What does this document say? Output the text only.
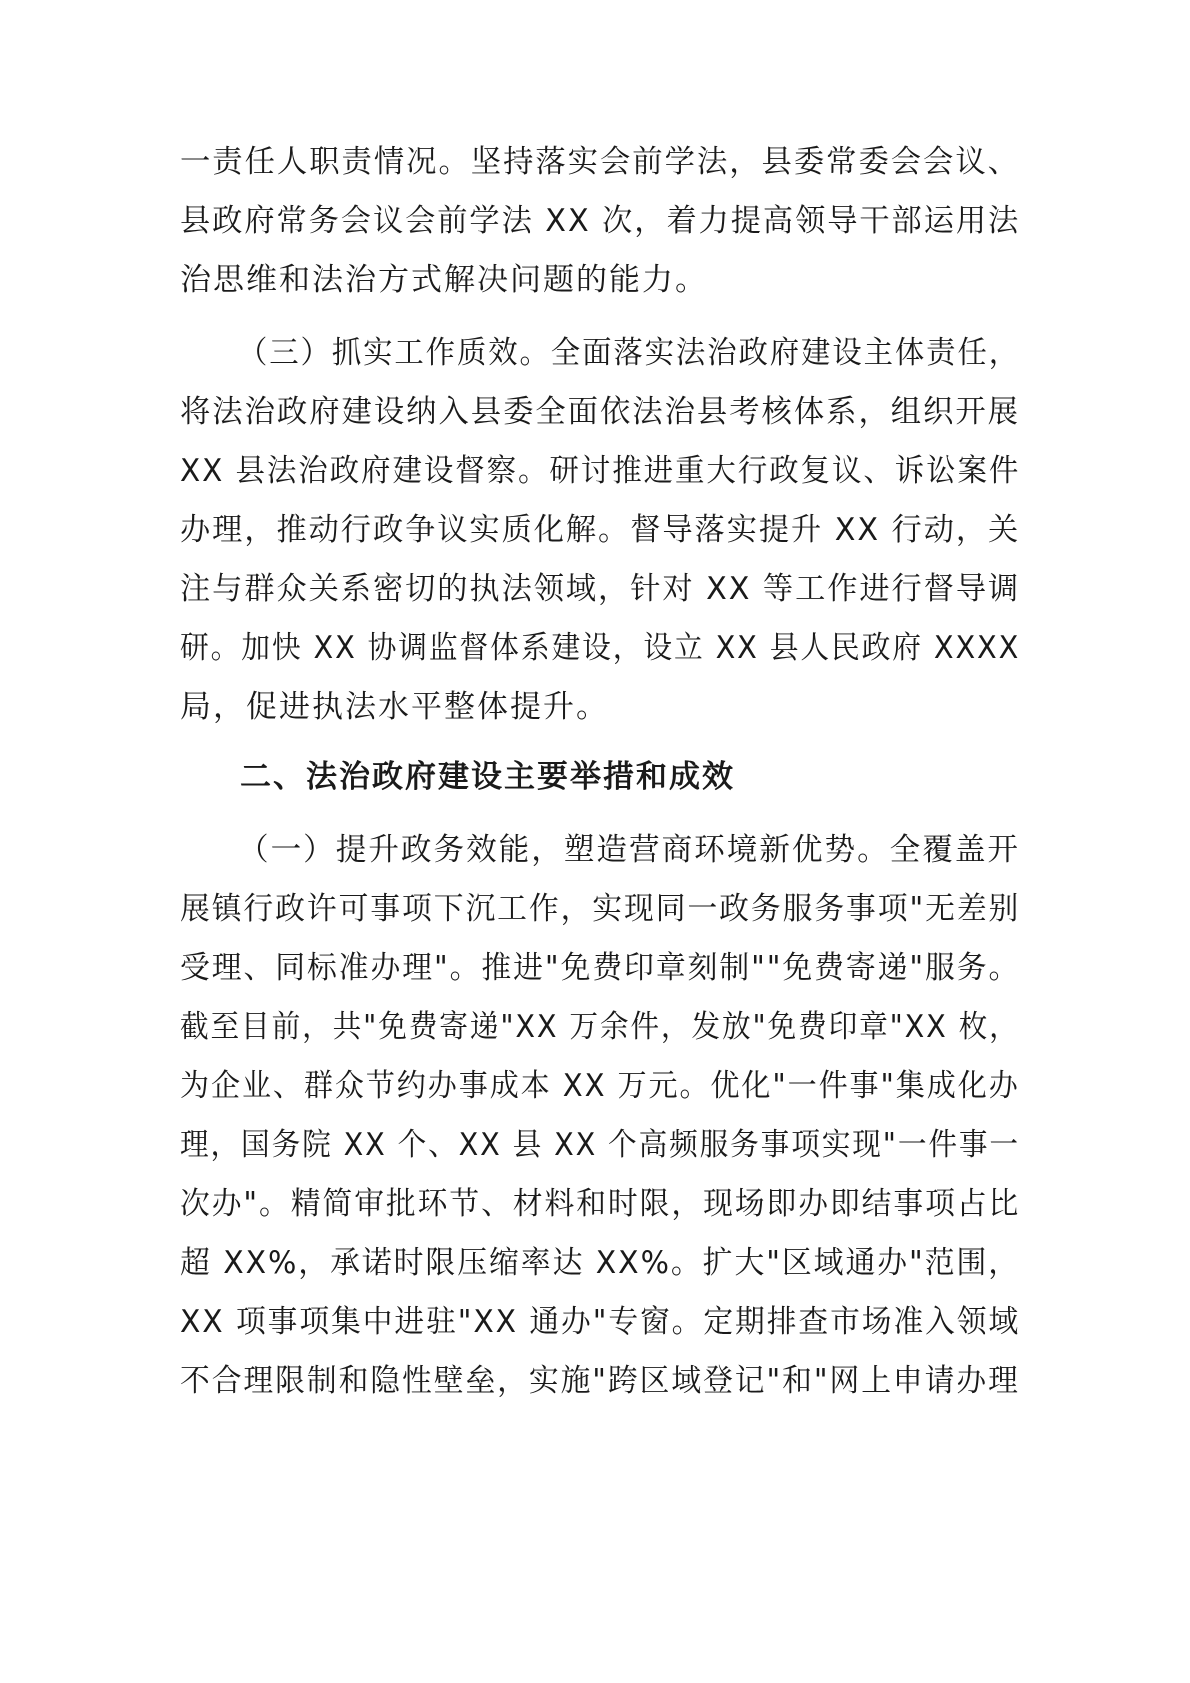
一责任人职责情况。坚持落实会前学法，县委常委会会议、
县政府常务会议会前学法 XX 次，着力提高领导干部运用法
治思维和法治方式解决问题的能力。
（三）抓实工作质效。全面落实法治政府建设主体责任，
将法治政府建设纳入县委全面依法治县考核体系，组织开展
XX 县法治政府建设督察。研讨推进重大行政复议、诉讼案件
办理，推动行政争议实质化解。督导落实提升 XX 行动，关
注与群众关系密切的执法领域，针对 XX 等工作进行督导调
研。加快 XX 协调监督体系建设，设立 XX 县人民政府 XXXX
局，促进执法水平整体提升。
二、法治政府建设主要举措和成效
（一）提升政务效能，塑造营商环境新优势。全覆盖开
展镇行政许可事项下沉工作，实现同一政务服务事项"无差别
受理、同标准办理"。推进"免费印章刻制""免费寄递"服务。
截至目前，共"免费寄递"XX 万余件，发放"免费印章"XX 枚，
为企业、群众节约办事成本 XX 万元。优化"一件事"集成化办
理，国务院 XX 个、XX 县 XX 个高频服务事项实现"一件事一
次办"。精简审批环节、材料和时限，现场即办即结事项占比
超 XX%，承诺时限压缩率达 XX%。扩大"区域通办"范围，
XX 项事项集中进驻"XX 通办"专窗。定期排查市场准入领域
不合理限制和隐性壁垒，实施"跨区域登记"和"网上申请办理
